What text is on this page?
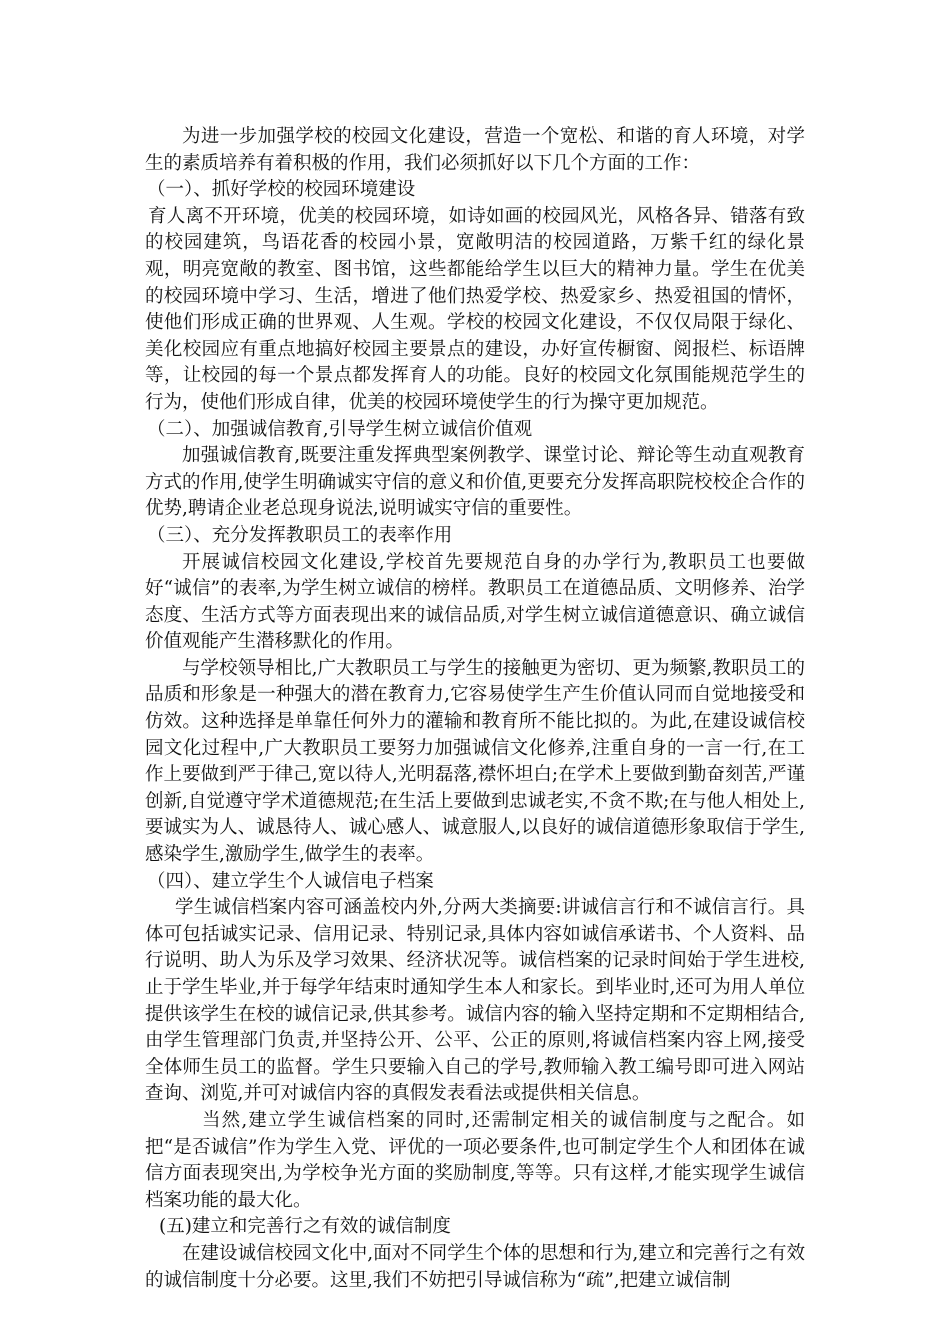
为进一步加强学校的校园文化建设，营造一个宽松、和谐的育人环境，对学生的素质培养有着积极的作用，我们必须抓好以下几个方面的工作：

（一）、抓好学校的校园环境建设

育人离不开环境，优美的校园环境，如诗如画的校园风光，风格各异、错落有致的校园建筑，鸟语花香的校园小景，宽敞明洁的校园道路，万紫千红的绿化景观，明亮宽敞的教室、图书馆，这些都能给学生以巨大的精神力量。学生在优美的校园环境中学习、生活，增进了他们热爱学校、热爱家乡、热爱祖国的情怀，使他们形成正确的世界观、人生观。学校的校园文化建设，不仅仅局限于绿化、美化校园应有重点地搞好校园主要景点的建设，办好宣传橱窗、阅报栏、标语牌等，让校园的每一个景点都发挥育人的功能。良好的校园文化氛围能规范学生的行为，使他们形成自律，优美的校园环境使学生的行为操守更加规范。

（二）、加强诚信教育,引导学生树立诚信价值观

加强诚信教育,既要注重发挥典型案例教学、课堂讨论、辩论等生动直观教育方式的作用,使学生明确诚实守信的意义和价值,更要充分发挥高职院校校企合作的优势,聘请企业老总现身说法,说明诚实守信的重要性。

（三）、充分发挥教职员工的表率作用

开展诚信校园文化建设,学校首先要规范自身的办学行为,教职员工也要做好“诚信”的表率,为学生树立诚信的榜样。教职员工在道德品质、文明修养、治学态度、生活方式等方面表现出来的诚信品质,对学生树立诚信道德意识、确立诚信价值观能产生潜移默化的作用。

与学校领导相比,广大教职员工与学生的接触更为密切、更为频繁,教职员工的品质和形象是一种强大的潜在教育力,它容易使学生产生价值认同而自觉地接受和仿效。这种选择是单靠任何外力的灌输和教育所不能比拟的。为此,在建设诚信校园文化过程中,广大教职员工要努力加强诚信文化修养,注重自身的一言一行,在工作上要做到严于律己,宽以待人,光明磊落,襟怀坦白;在学术上要做到勤奋刻苦,严谨创新,自觉遵守学术道德规范;在生活上要做到忠诚老实,不贪不欺;在与他人相处上,要诚实为人、诚恳待人、诚心感人、诚意服人,以良好的诚信道德形象取信于学生,感染学生,激励学生,做学生的表率。

（四）、建立学生个人诚信电子档案

学生诚信档案内容可涵盖校内外,分两大类摘要:讲诚信言行和不诚信言行。具体可包括诚实记录、信用记录、特别记录,具体内容如诚信承诺书、个人资料、品行说明、助人为乐及学习效果、经济状况等。诚信档案的记录时间始于学生进校,止于学生毕业,并于每学年结束时通知学生本人和家长。到毕业时,还可为用人单位提供该学生在校的诚信记录,供其参考。诚信内容的输入坚持定期和不定期相结合,由学生管理部门负责,并坚持公开、公平、公正的原则,将诚信档案内容上网,接受全体师生员工的监督。学生只要输入自己的学号,教师输入教工编号即可进入网站查询、浏览,并可对诚信内容的真假发表看法或提供相关信息。

当然,建立学生诚信档案的同时,还需制定相关的诚信制度与之配合。如把“是否诚信”作为学生入党、评优的一项必要条件,也可制定学生个人和团体在诚信方面表现突出,为学校争光方面的奖励制度,等等。只有这样,才能实现学生诚信档案功能的最大化。

(五)建立和完善行之有效的诚信制度

在建设诚信校园文化中,面对不同学生个体的思想和行为,建立和完善行之有效的诚信制度十分必要。这里,我们不妨把引导诚信称为“疏”,把建立诚信制
